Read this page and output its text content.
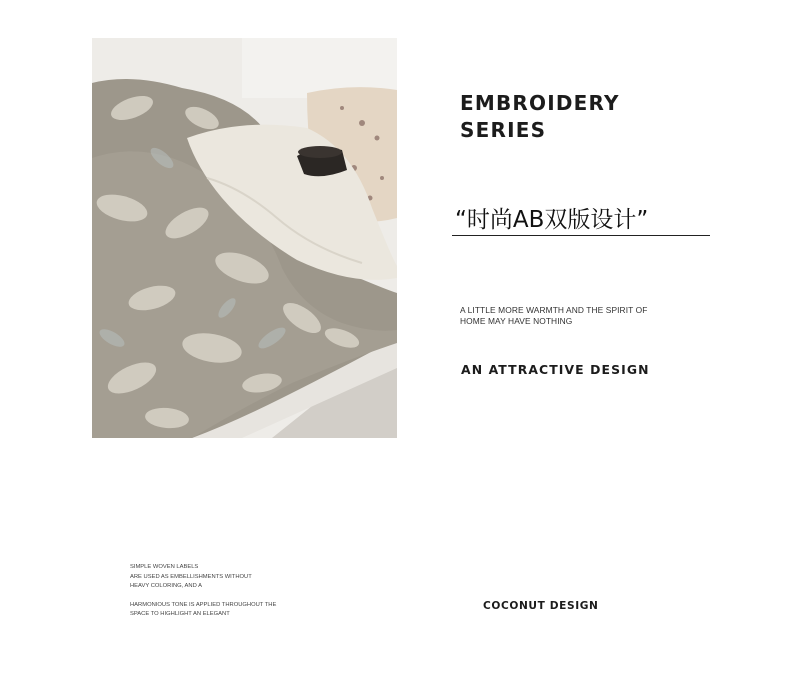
EMBROIDERY
SERIES
“时尚AB双版设计”
A LITTLE MORE WARMTH AND THE SPIRIT OF
HOME MAY HAVE NOTHING
AN ATTRACTIVE DESIGN
SIMPLE WOVEN LABELS
ARE USED AS EMBELLISHMENTS WITHOUT
HEAVY COLORING, AND A
HARMONIOUS TONE IS APPLIED THROUGHOUT THE
SPACE TO HIGHLIGHT AN ELEGANT
COCONUT DESIGN
